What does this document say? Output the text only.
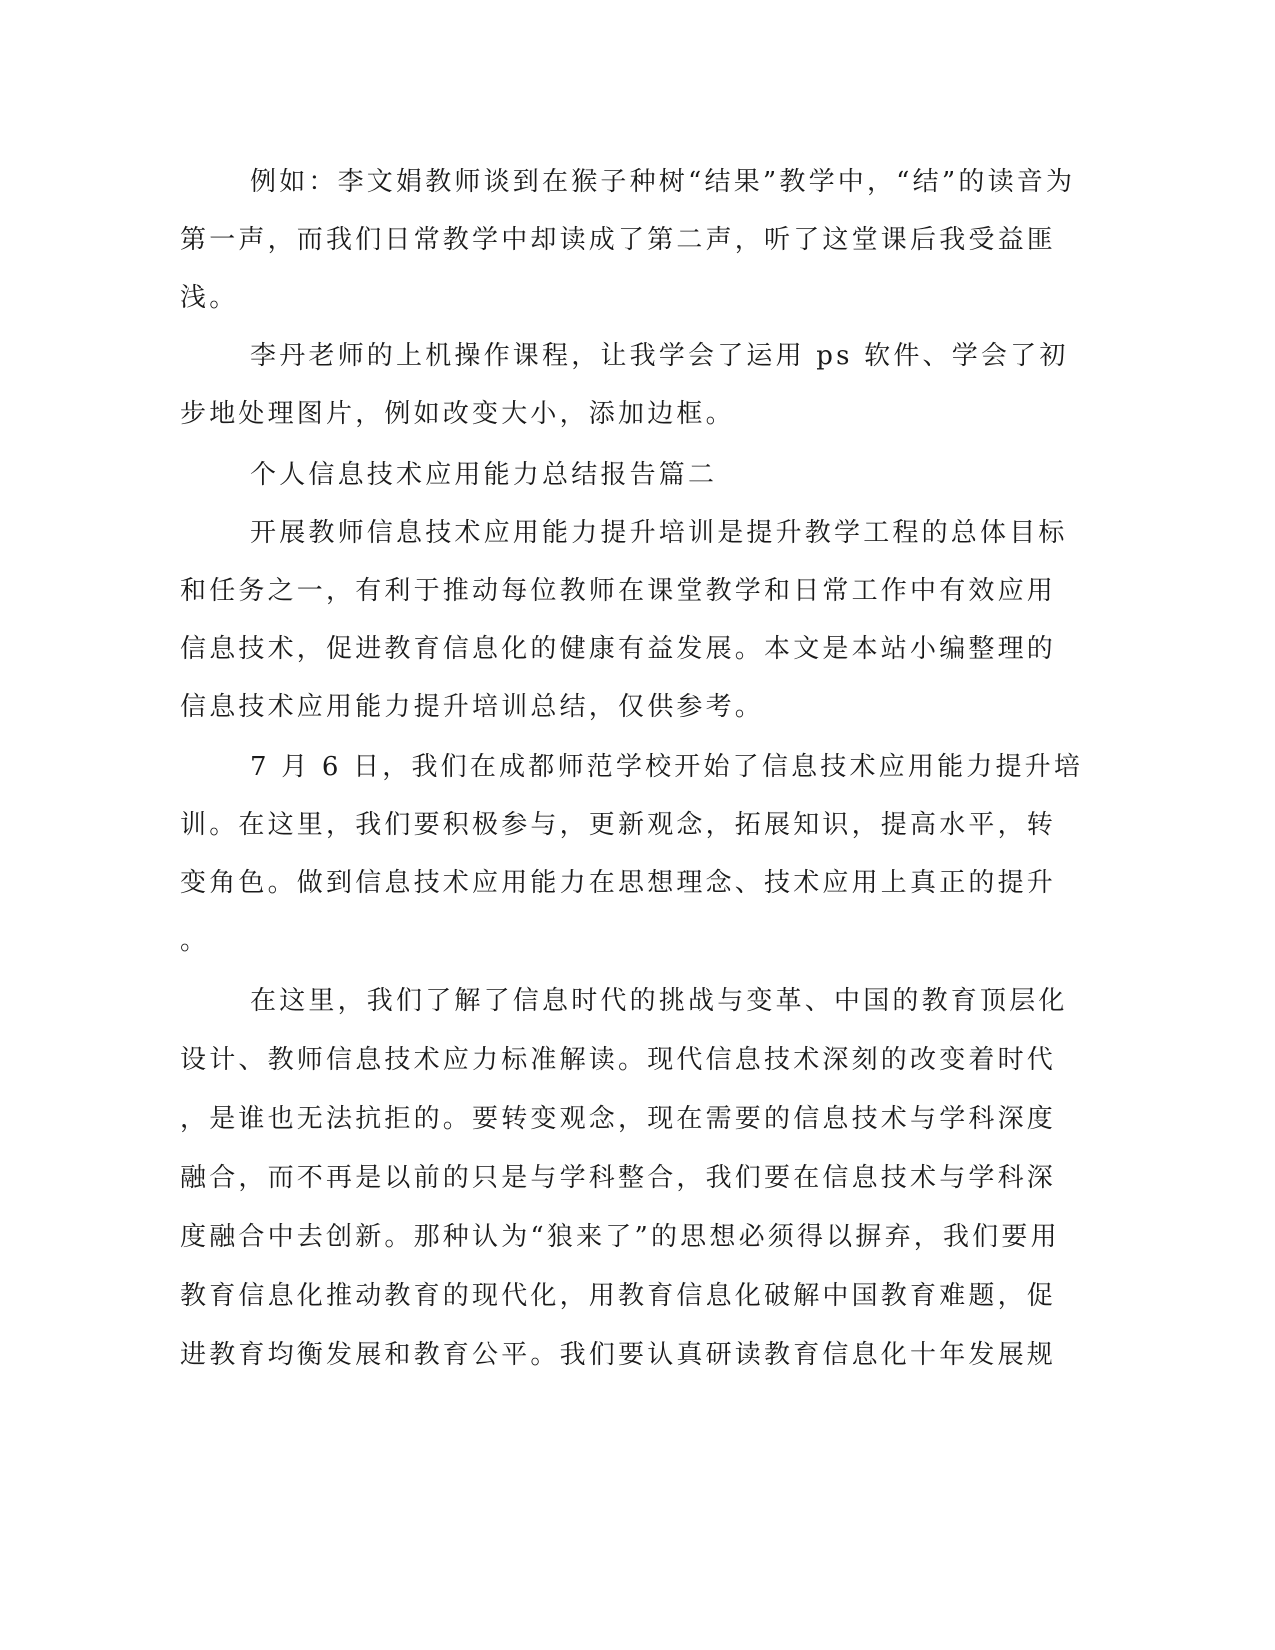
例如：李文娟教师谈到在猴子种树“结果”教学中，“结”的读音为
第一声，而我们日常教学中却读成了第二声，听了这堂课后我受益匪
浅。
李丹老师的上机操作课程，让我学会了运用 ps 软件、学会了初
步地处理图片，例如改变大小，添加边框。
个人信息技术应用能力总结报告篇二
开展教师信息技术应用能力提升培训是提升教学工程的总体目标
和任务之一，有利于推动每位教师在课堂教学和日常工作中有效应用
信息技术，促进教育信息化的健康有益发展。本文是本站小编整理的
信息技术应用能力提升培训总结，仅供参考。
7 月 6 日，我们在成都师范学校开始了信息技术应用能力提升培
训。在这里，我们要积极参与，更新观念，拓展知识，提高水平，转
变角色。做到信息技术应用能力在思想理念、技术应用上真正的提升
。
在这里，我们了解了信息时代的挑战与变革、中国的教育顶层化
设计、教师信息技术应力标准解读。现代信息技术深刻的改变着时代
，是谁也无法抗拒的。要转变观念，现在需要的信息技术与学科深度
融合，而不再是以前的只是与学科整合，我们要在信息技术与学科深
度融合中去创新。那种认为“狼来了”的思想必须得以摒弃，我们要用
教育信息化推动教育的现代化，用教育信息化破解中国教育难题，促
进教育均衡发展和教育公平。我们要认真研读教育信息化十年发展规
